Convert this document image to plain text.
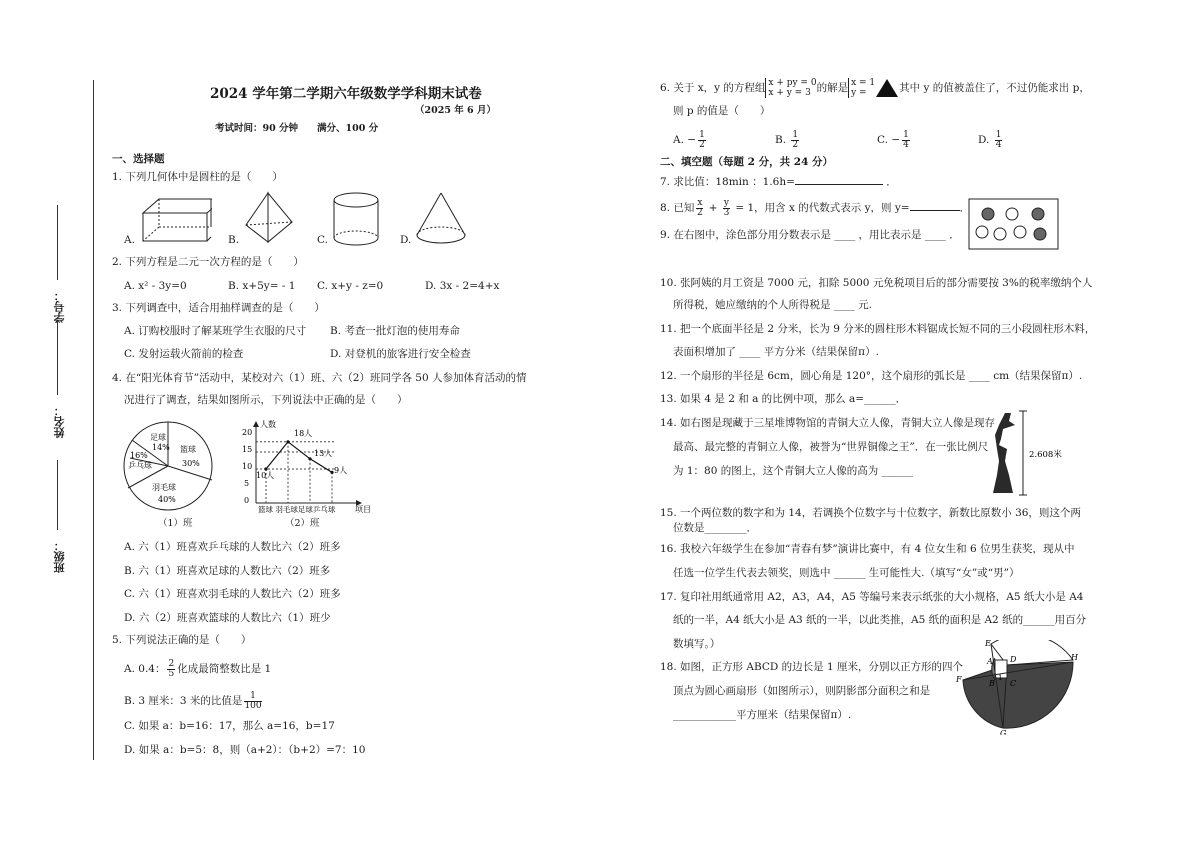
班级：
姓名：
学号：
2024 学年第二学期六年级数学学科期末试卷
（2025 年 6 月）
考试时间：90 分钟　　满分、100 分
一、选择题
1. 下列几何体中是圆柱的是（　　）
A.	B.	C.	D.
2. 下列方程是二元一次方程的是（　　）
A. x² - 3y=0	B. x+5y= - 1 C. x+y - z=0	D. 3x - 2=4+x
3. 下列调查中，适合用抽样调查的是（　　）
A. 订购校服时了解某班学生衣服的尺寸 B. 考查一批灯泡的使用寿命
C. 发射运载火箭前的检查	D. 对登机的旅客进行安全检查
4. 在“阳光体育节”活动中，某校对六（1）班、六（2）班同学各 50 人参加体育活动的情
况进行了调查，结果如图所示，下列说法中正确的是（　　）
足球
14%
16%
乒乓球
篮球
30%
羽毛球
40%
（1）班
人数
项目
20
15
10
5
0
10人
18人
13人
9人
篮球 羽毛球足球乒乓球
（2）班
A. 六（1）班喜欢乒乓球的人数比六（2）班多
B. 六（1）班喜欢足球的人数比六（2）班多
C. 六（1）班喜欢羽毛球的人数比六（2）班多
D. 六（2）班喜欢篮球的人数比六（1）班少
5. 下列说法正确的是（　　）
A. 0.4： $\frac{2}{5}$ 化成最简整数比是 1
B. 3 厘米：3 米的比值是 $\frac{1}{100}$
C. 如果 a：b=16：17，那么 a=16，b=17
D. 如果 a：b=5：8，则（a+2）：（b+2）=7：10
6. 关于 x，y 的方程组 x + py = 0
x + y = 3 的解是 x = 1
y =	其中 y 的值被盖住了，不过仍能求出 p，
则 p 的值是（　　）
A. − $\frac{1}{2}$	B. $\frac{1}{2}$	C. − $\frac{1}{4}$	D. $\frac{1}{4}$
二、填空题（每题 2 分，共 24 分）
7. 求比值：18min ：1.6h=	．
8. 已知 $\frac{x}{2} + \frac{y}{3} = 1$，用含 x 的代数式表示 y，则 y=	．
9. 在右图中，涂色部分用分数表示是 ____ ，用比表示是 ____ ．
10. 张阿姨的月工资是 7000 元，扣除 5000 元免税项目后的部分需要按 3%的税率缴纳个人
所得税，她应缴纳的个人所得税是 ____ 元.
11. 把一个底面半径是 2 分米，长为 9 分米的圆柱形木料锯成长短不同的三小段圆柱形木料，
表面积增加了 ____ 平方分米（结果保留π）.
12. 一个扇形的半径是 6cm，圆心角是 120°，这个扇形的弧长是 ____ cm（结果保留π）.
13. 如果 4 是 2 和 a 的比例中项，那么 a=______．
14. 如右图是现藏于三星堆博物馆的青铜大立人像，青铜大立人像是现存
最高、最完整的青铜立人像，被誉为“世界铜像之王”．在一张比例尺
为 1：80 的图上，这个青铜大立人像的高为 ______
2.608米
15. 一个两位数的数字和为 14，若调换个位数字与十位数字，新数比原数小 36，则这个两
位数是________．
16. 我校六年级学生在参加“青春有梦”演讲比赛中，有 4 位女生和 6 位男生获奖，现从中
任选一位学生代表去领奖，则选中 ______ 生可能性大.（填写“女”或“男”）
17. 复印社用纸通常用 A2，A3，A4，A5 等编号来表示纸张的大小规格，A5 纸大小是 A4
纸的一半，A4 纸大小是 A3 纸的一半，以此类推，A5 纸的面积是 A2 纸的______用百分
数填写。）
18. 如图，正方形 ABCD 的边长是 1 厘米，分别以正方形的四个
顶点为圆心画扇形（如图所示），则阴影部分面积之和是
____________平方厘米（结果保留π）.
E
A D	H
F	B C
G
1
